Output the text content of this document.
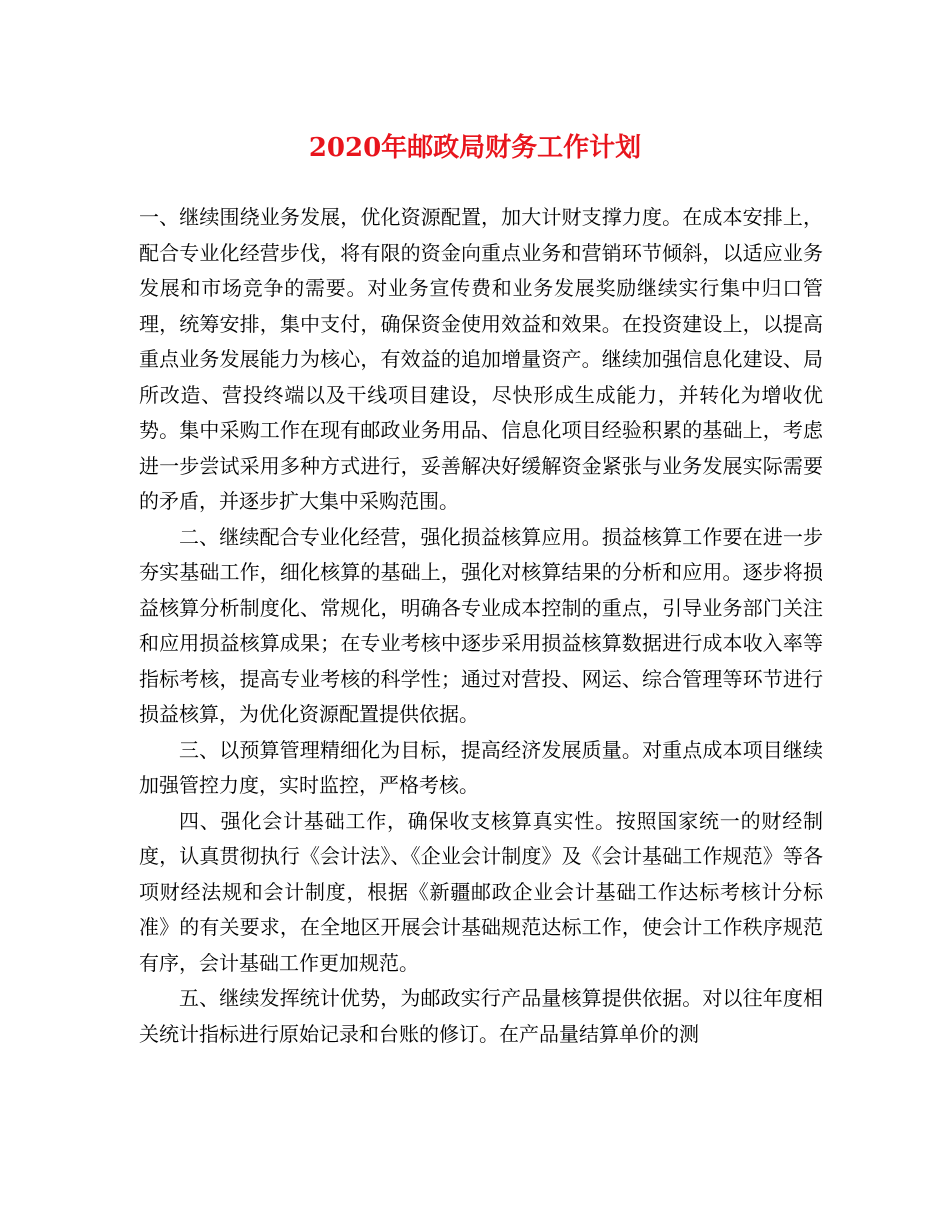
2020年邮政局财务工作计划

一、继续围绕业务发展，优化资源配置，加大计财支撑力度。在成本安排上，配合专业化经营步伐，将有限的资金向重点业务和营销环节倾斜，以适应业务发展和市场竞争的需要。对业务宣传费和业务发展奖励继续实行集中归口管理，统筹安排，集中支付，确保资金使用效益和效果。在投资建设上，以提高重点业务发展能力为核心，有效益的追加增量资产。继续加强信息化建设、局所改造、营投终端以及干线项目建设，尽快形成生成能力，并转化为增收优势。集中采购工作在现有邮政业务用品、信息化项目经验积累的基础上，考虑进一步尝试采用多种方式进行，妥善解决好缓解资金紧张与业务发展实际需要的矛盾，并逐步扩大集中采购范围。

二、继续配合专业化经营，强化损益核算应用。损益核算工作要在进一步夯实基础工作，细化核算的基础上，强化对核算结果的分析和应用。逐步将损益核算分析制度化、常规化，明确各专业成本控制的重点，引导业务部门关注和应用损益核算成果；在专业考核中逐步采用损益核算数据进行成本收入率等指标考核，提高专业考核的科学性；通过对营投、网运、综合管理等环节进行损益核算，为优化资源配置提供依据。

三、以预算管理精细化为目标，提高经济发展质量。对重点成本项目继续加强管控力度，实时监控，严格考核。

四、强化会计基础工作，确保收支核算真实性。按照国家统一的财经制度，认真贯彻执行《会计法》、《企业会计制度》及《会计基础工作规范》等各项财经法规和会计制度，根据《新疆邮政企业会计基础工作达标考核计分标准》的有关要求，在全地区开展会计基础规范达标工作，使会计工作秩序规范有序，会计基础工作更加规范。

五、继续发挥统计优势，为邮政实行产品量核算提供依据。对以往年度相关统计指标进行原始记录和台账的修订。在产品量结算单价的测
